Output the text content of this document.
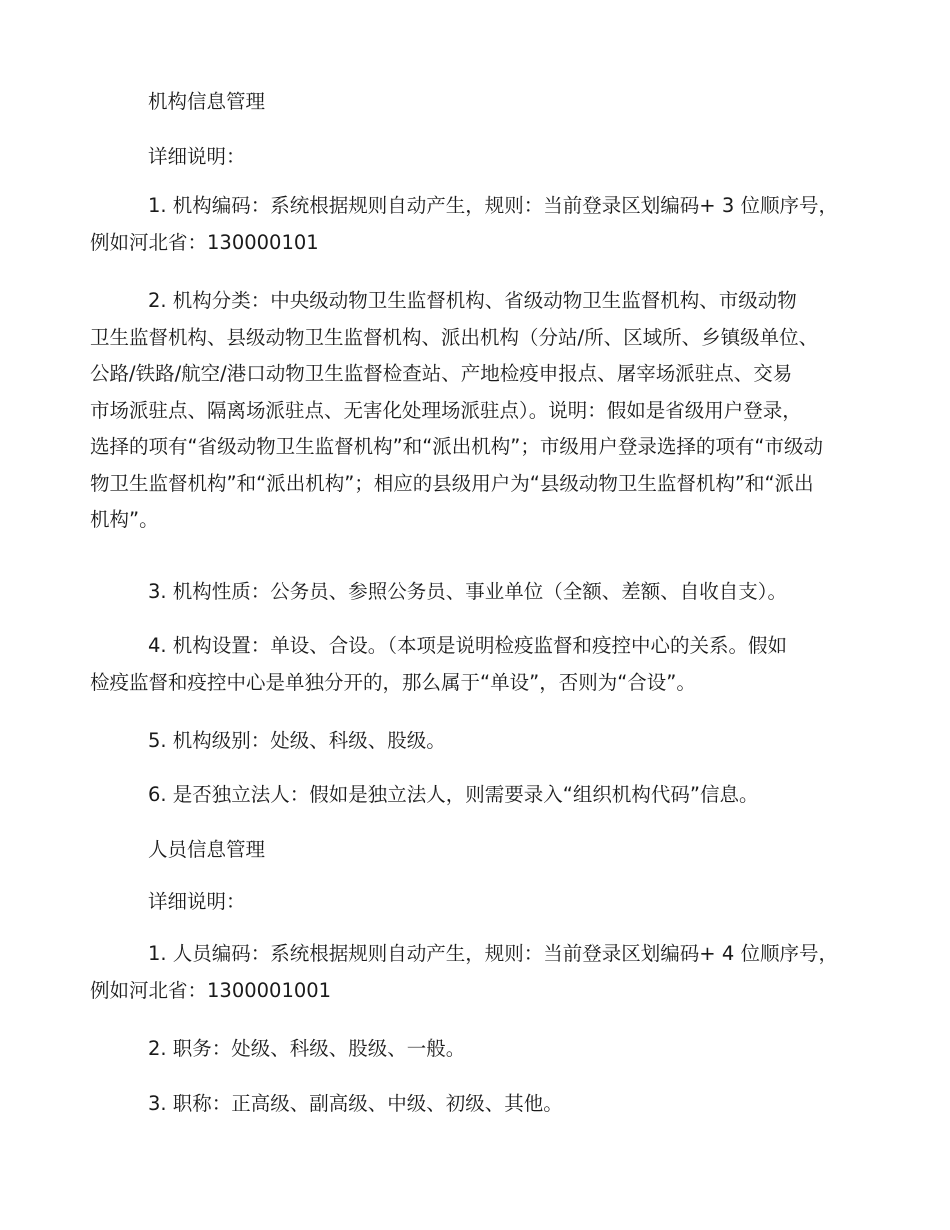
机构信息管理
详细说明：
1. 机构编码：系统根据规则自动产生，规则：当前登录区划编码+ 3 位顺序号，
例如河北省：130000101
2. 机构分类：中央级动物卫生监督机构、省级动物卫生监督机构、市级动物
卫生监督机构、县级动物卫生监督机构、派出机构（分站/所、区域所、乡镇级单位、
公路/铁路/航空/港口动物卫生监督检查站、产地检疫申报点、屠宰场派驻点、交易
市场派驻点、隔离场派驻点、无害化处理场派驻点）。说明：假如是省级用户登录，
选择的项有“省级动物卫生监督机构”和“派出机构”；市级用户登录选择的项有“市级动
物卫生监督机构”和“派出机构”；相应的县级用户为“县级动物卫生监督机构”和“派出
机构”。
3. 机构性质：公务员、参照公务员、事业单位（全额、差额、自收自支）。
4. 机构设置：单设、合设。（本项是说明检疫监督和疫控中心的关系。假如
检疫监督和疫控中心是单独分开的，那么属于“单设”，否则为“合设”。
5. 机构级别：处级、科级、股级。
6. 是否独立法人：假如是独立法人，则需要录入“组织机构代码”信息。
人员信息管理
详细说明：
1. 人员编码：系统根据规则自动产生，规则：当前登录区划编码+ 4 位顺序号，
例如河北省：1300001001
2. 职务：处级、科级、股级、一般。
3. 职称：正高级、副高级、中级、初级、其他。
